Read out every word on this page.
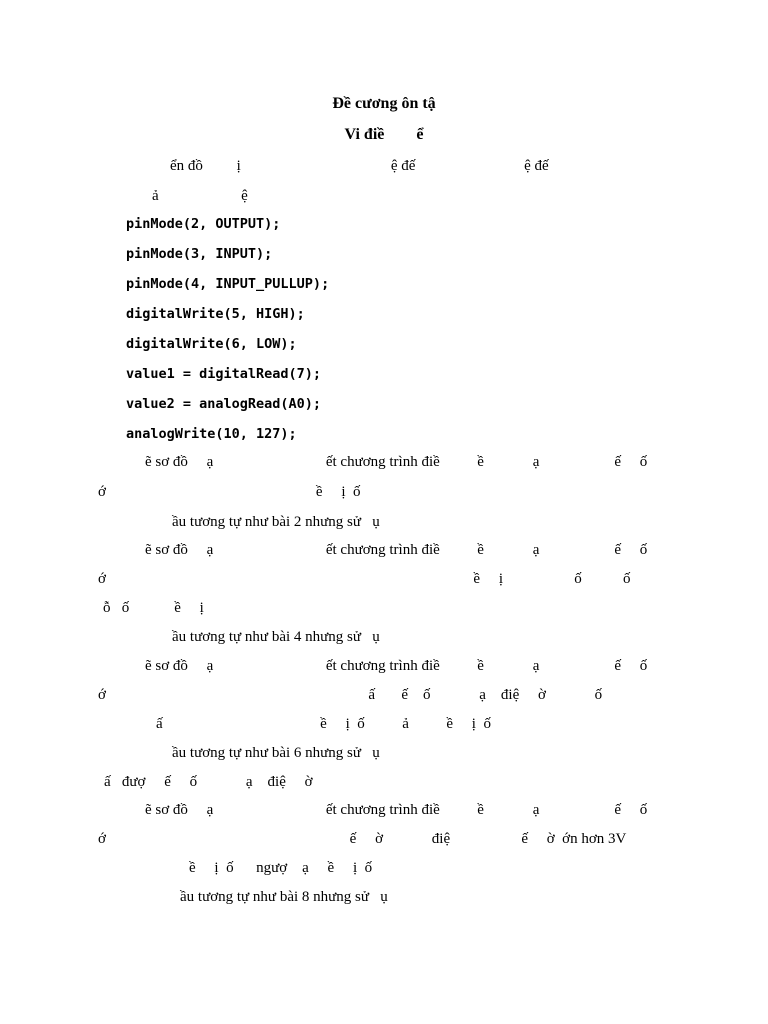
Đề cương ôn tậ
Vi điề        ể
ển đồ         ị                                        ệ đế                             ệ đế
ả                      ệ
pinMode(2, OUTPUT);
pinMode(3, INPUT);
pinMode(4, INPUT_PULLUP);
digitalWrite(5, HIGH);
digitalWrite(6, LOW);
value1 = digitalRead(7);
value2 = analogRead(A0);
analogWrite(10, 127);
ẽ sơ đồ     ạ                              ết chương trình điề          ề             ạ                    ế     ố
ớ                                                        ề     ị  ố
ầu tương tự như bài 2 nhưng sử   ụ
ẽ sơ đồ     ạ                              ết chương trình điề          ề             ạ                    ế     ố
ớ                                                                                                  ề     ị                   ố           ố
ỗ   ố            ề     ị
ầu tương tự như bài 4 nhưng sử   ụ
ẽ sơ đồ     ạ                              ết chương trình điề          ề             ạ                    ế     ố
ớ                                                                      ấ       ế    ố             ạ    điệ     ờ             ố
ấ                                          ề     ị  ố          ả          ề     ị  ố
ầu tương tự như bài 6 nhưng sử   ụ
ấ   đượ     ế     ố             ạ    điệ     ờ
ẽ sơ đồ     ạ                              ết chương trình điề          ề             ạ                    ế     ố
ớ                                                                 ế     ờ             điệ                   ế     ờ  ớn hơn 3V
ề     ị  ố      ngượ    ạ     ề     ị  ố
ầu tương tự như bài 8 nhưng sử   ụ
